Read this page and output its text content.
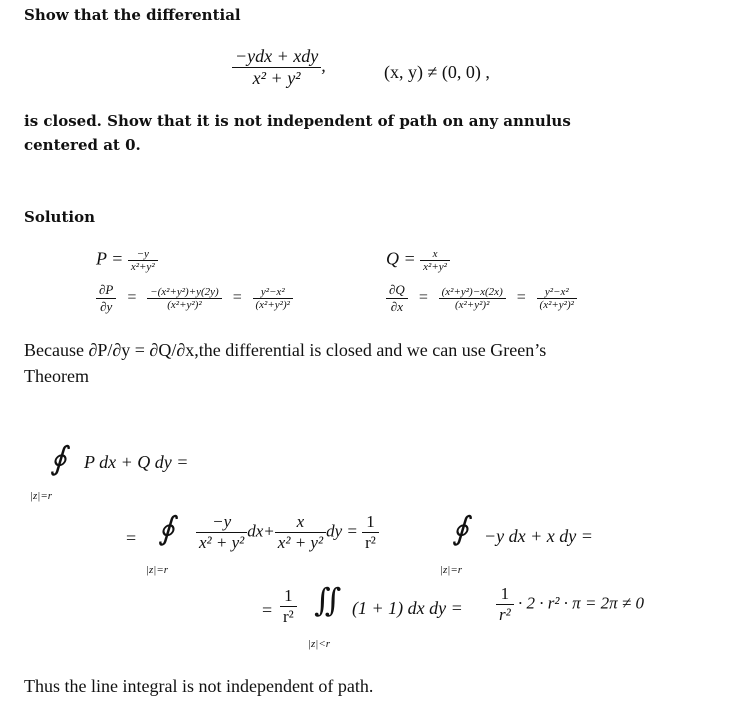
Show that the differential
$\frac{\text{−ydx + xdy}}{\text{x² + y²}}$ ,	(x, y) ≠ (0, 0) ,
is closed. Show that it is not independent of path on any annulus
centered at 0.
Solution
$P = \frac{-y}{\text{x²+y²}}$	$Q = \frac{x}{\text{x²+y²}}$
$\frac{\partial P}{\partial y} = \frac{\text{−(x²+y²)+y(2y)}}{\text{(x²+y²)²}} = \frac{\text{y²−x²}}{\text{(x²+y²)²}}$	$\frac{\partial Q}{\partial x} = \frac{\text{(x²+y²)−x(2x)}}{\text{(x²+y²)²}} = \frac{\text{y²−x²}}{\text{(x²+y²)²}}$
Because ∂P/∂y = ∂Q/∂x,the differential is closed and we can use Green’s
Theorem
∮
|z|=r
P dx + Q dy =
= ∮
|z|=r
$\frac{-y}{\text{x² + y²}} dx+ \frac{x}{\text{x² + y²}}$ dy = $\frac{1}{\text{r²}}$ ∮
|z|=r
−y dx + x dy =
= $\frac{1}{\text{r²}}$ ∬
|z|<r
(1 + 1) dx dy = $\frac{1}{\text{r²}} \cdot 2 \cdot r^2 \cdot \pi = 2\pi \ne 0$
Thus the line integral is not independent of path.
